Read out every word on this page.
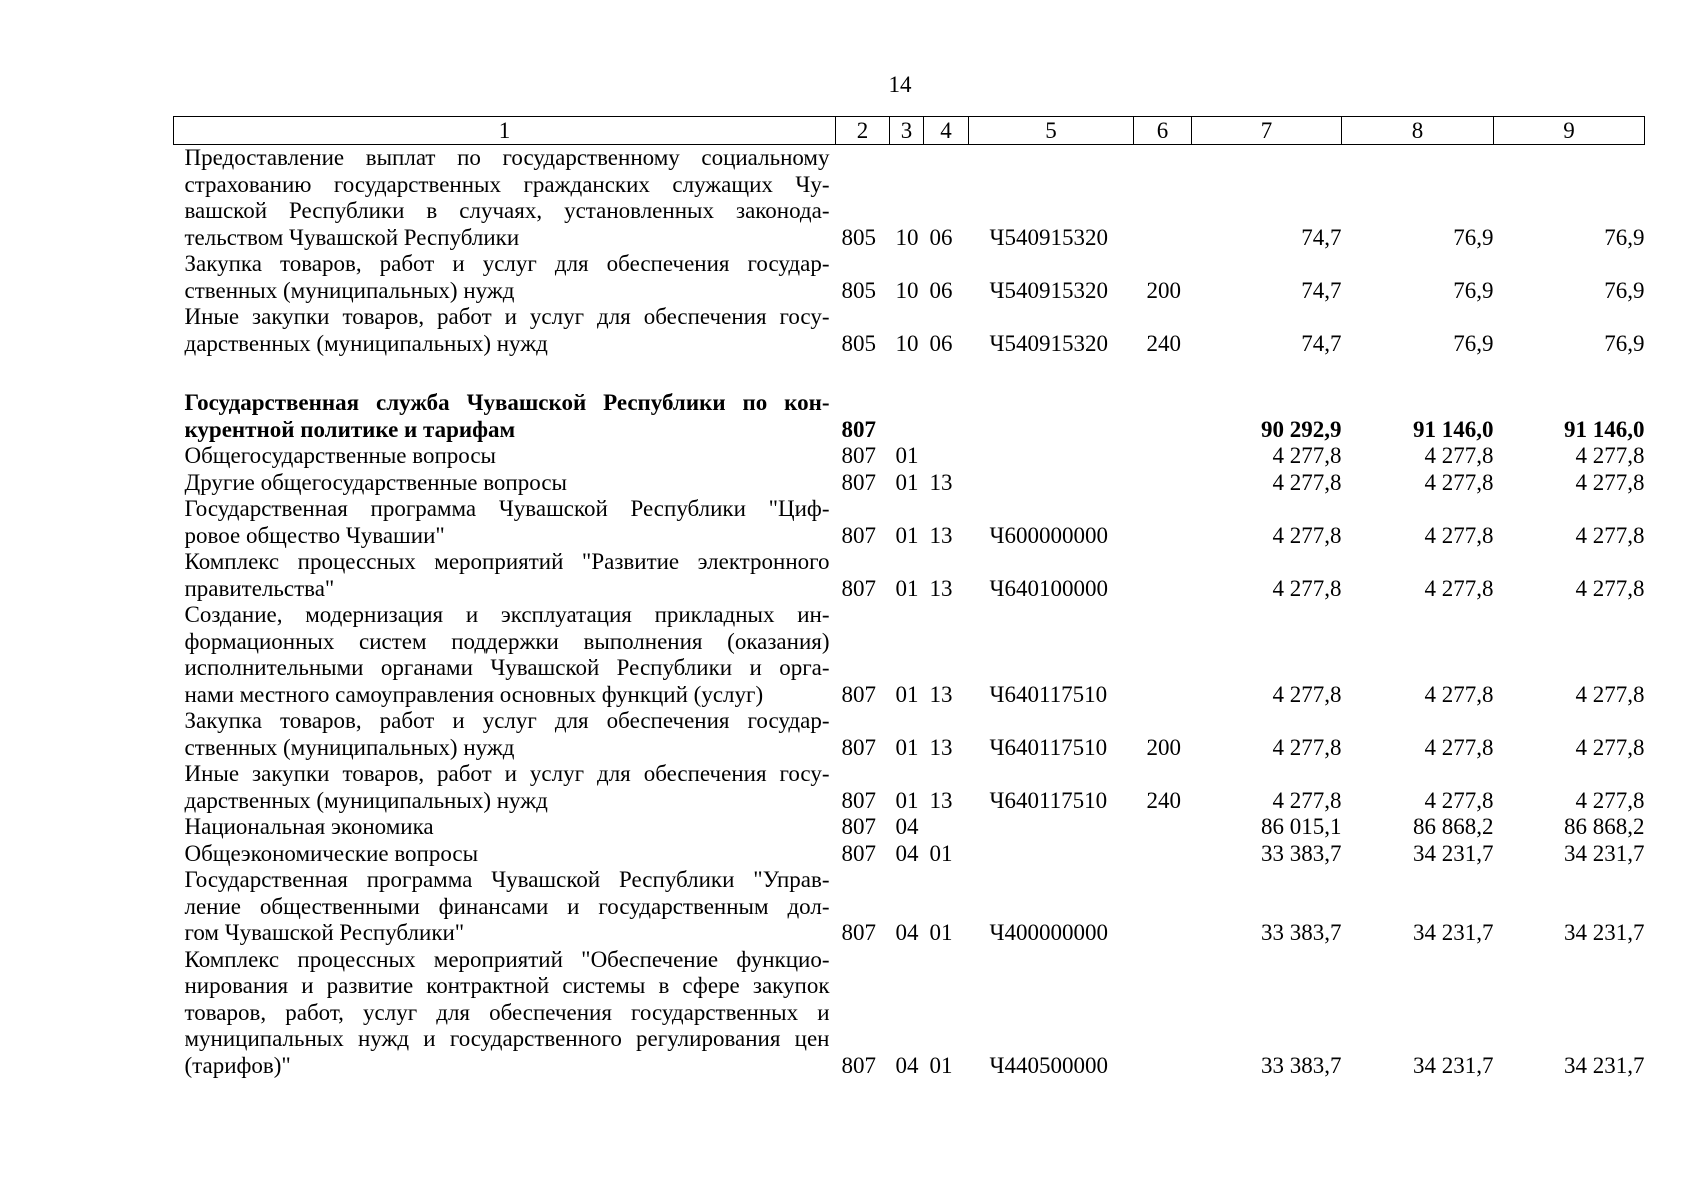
14
1	2	3	4	5	6	7	8	9

Предоставление выплат по государственному социальному
страхованию государственных гражданских служащих Чу-
вашской Республики в случаях, установленных законода-
тельством Чувашской Республики	805	10	06	Ч540915320		74,7	76,9	76,9

Закупка товаров, работ и услуг для обеспечения государ-
ственных (муниципальных) нужд	805	10	06	Ч540915320	200	74,7	76,9	76,9

Иные закупки товаров, работ и услуг для обеспечения госу-
дарственных (муниципальных) нужд	805	10	06	Ч540915320	240	74,7	76,9	76,9

Государственная служба Чувашской Республики по кон-
курентной политике и тарифам	807					90 292,9	91 146,0	91 146,0

Общегосударственные вопросы	807	01				4 277,8	4 277,8	4 277,8

Другие общегосударственные вопросы	807	01	13			4 277,8	4 277,8	4 277,8

Государственная программа Чувашской Республики "Циф-
ровое общество Чувашии"	807	01	13	Ч600000000		4 277,8	4 277,8	4 277,8

Комплекс процессных мероприятий "Развитие электронного
правительства"	807	01	13	Ч640100000		4 277,8	4 277,8	4 277,8

Создание, модернизация и эксплуатация прикладных ин-
формационных систем поддержки выполнения (оказания)
исполнительными органами Чувашской Республики и орга-
нами местного самоуправления основных функций (услуг)	807	01	13	Ч640117510		4 277,8	4 277,8	4 277,8

Закупка товаров, работ и услуг для обеспечения государ-
ственных (муниципальных) нужд	807	01	13	Ч640117510	200	4 277,8	4 277,8	4 277,8

Иные закупки товаров, работ и услуг для обеспечения госу-
дарственных (муниципальных) нужд	807	01	13	Ч640117510	240	4 277,8	4 277,8	4 277,8

Национальная экономика	807	04				86 015,1	86 868,2	86 868,2

Общеэкономические вопросы	807	04	01			33 383,7	34 231,7	34 231,7

Государственная программа Чувашской Республики "Управ-
ление общественными финансами и государственным дол-
гом Чувашской Республики"	807	04	01	Ч400000000		33 383,7	34 231,7	34 231,7

Комплекс процессных мероприятий "Обеспечение функцио-
нирования и развитие контрактной системы в сфере закупок
товаров, работ, услуг для обеспечения государственных и
муниципальных нужд и государственного регулирования цен
(тарифов)"	807	04	01	Ч440500000		33 383,7	34 231,7	34 231,7
